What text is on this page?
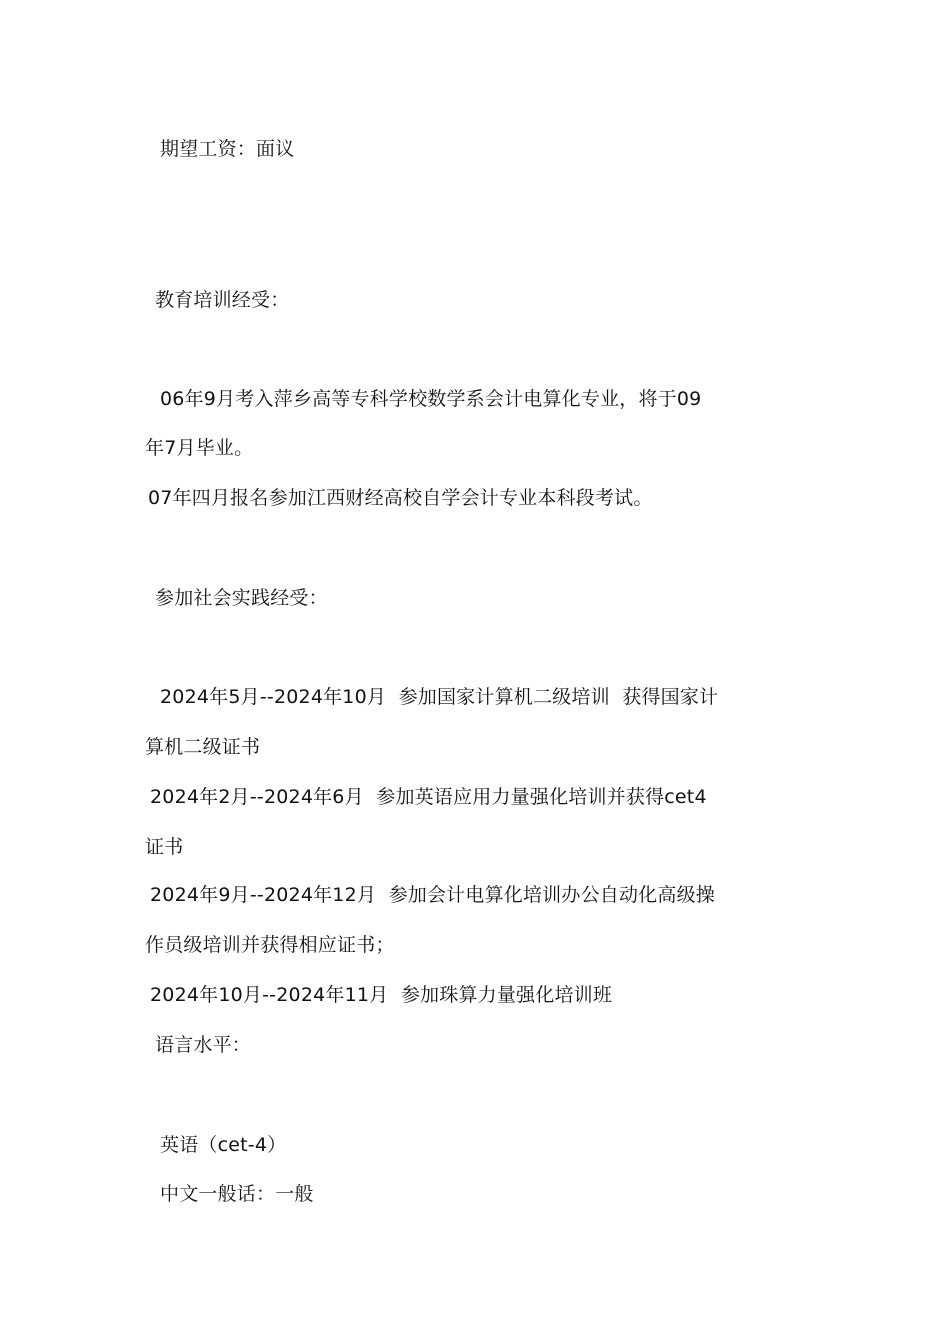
期望工资：面议
教育培训经受：
06年9月考入萍乡高等专科学校数学系会计电算化专业，将于09
年7月毕业。
07年四月报名参加江西财经高校自学会计专业本科段考试。
参加社会实践经受：
2024年5月--2024年10月  参加国家计算机二级培训  获得国家计
算机二级证书
2024年2月--2024年6月  参加英语应用力量强化培训并获得cet4
证书
2024年9月--2024年12月  参加会计电算化培训办公自动化高级操
作员级培训并获得相应证书；
2024年10月--2024年11月  参加珠算力量强化培训班
语言水平：
英语（cet-4）
中文一般话：一般
